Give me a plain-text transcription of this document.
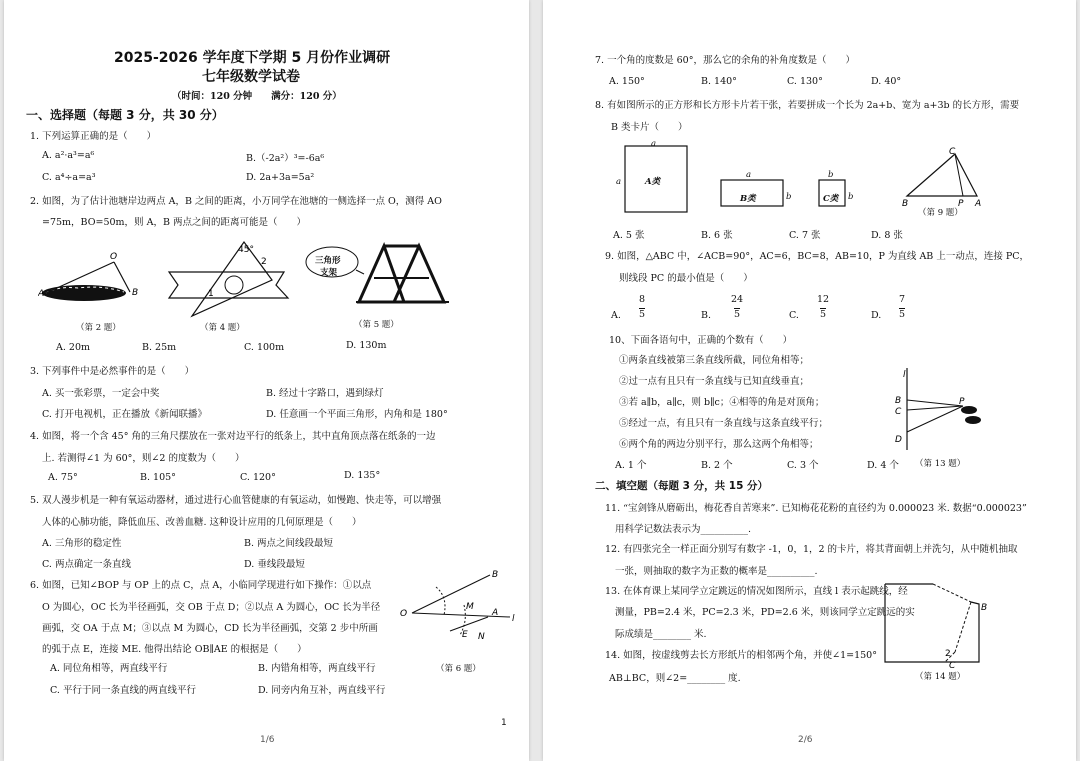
2025-2026 学年度下学期 5 月份作业调研
七年级数学试卷
（时间：120 分钟　　满分：120 分）
一、选择题（每题 3 分，共 30 分）
1. 下列运算正确的是（　　）
A. a²·a³=a⁶	B.（-2a²）³=-6a⁶
C. a⁴÷a=a³	D. 2a+3a=5a²
2. 如图，为了估计池塘岸边两点 A，B 之间的距离，小万同学在池塘的一侧选择一点 O，测得 AO
=75m，BO=50m，则 A，B 两点之间的距离可能是（　　）
O
A	B
（第 2 题）
45°
2
1
（第 4 题）
三角形
支架
（第 5 题）
A. 20m	B. 25m	C. 100m	D. 130m
3. 下列事件中是必然事件的是（　　）
A. 买一张彩票，一定会中奖	B. 经过十字路口，遇到绿灯
C. 打开电视机，正在播放《新闻联播》	D. 任意画一个平面三角形，内角和是 180°
4. 如图，将一个含 45° 角的三角尺摆放在一张对边平行的纸条上，其中直角顶点落在纸条的一边
上. 若测得∠1 为 60°，则∠2 的度数为（　　）
A. 75°	B. 105°	C. 120°	D. 135°
5. 双人漫步机是一种有氧运动器材，通过进行心血管健康的有氧运动，如慢跑、快走等，可以增强
人体的心肺功能，降低血压、改善血糖. 这种设计应用的几何原理是（　　）
A. 三角形的稳定性	B. 两点之间线段最短
C. 两点确定一条直线	D. 垂线段最短
6. 如图，已知∠BOP 与 OP 上的点 C，点 A，小临同学现进行如下操作：①以点
O 为圆心，OC 长为半径画弧，交 OB 于点 D；②以点 A 为圆心，OC 长为半径
画弧，交 OA 于点 M；③以点 M 为圆心，CD 长为半径画弧，交第 2 步中所画
的弧于点 E，连接 ME. 他得出结论 OB∥AE 的根据是（　　）
O
B
M
A
l
E N
（第 6 题）
A. 同位角相等，两直线平行	B. 内错角相等，两直线平行
C. 平行于同一条直线的两直线平行	D. 同旁内角互补，两直线平行
1
1/6
7. 一个角的度数是 60°，那么它的余角的补角度数是（　　）
A. 150°	B. 140°	C. 130°	D. 40°
8. 有如图所示的正方形和长方形卡片若干张，若要拼成一个长为 2a+b、宽为 a+3b 的长方形，需要
B 类卡片（　　）
a
a	A类
a
B类	b
b
C类 b
C
B	P A
（第 9 题）
A. 5 张	B. 6 张	C. 7 张	D. 8 张
9. 如图，△ABC 中，∠ACB=90°，AC=6，BC=8，AB=10，P 为直线 AB 上一动点，连接 PC，
则线段 PC 的最小值是（　　）
A.
8
5	B.
24
5	C.
12
5	D.
7
5
10、下面各语句中，正确的个数有（　　）
①两条直线被第三条直线所截，同位角相等；
②过一点有且只有一条直线与已知直线垂直；
③若 a∥b，a∥c，则 b∥c；④相等的角是对顶角；
⑤经过一点，有且只有一条直线与这条直线平行；
⑥两个角的两边分别平行，那么这两个角相等；
l
B
C
D
P
A. 1 个	B. 2 个	C. 3 个	D. 4 个 （第 13 题）
二、填空题（每题 3 分，共 15 分）
11. “宝剑锋从磨砺出，梅花香自苦寒来”. 已知梅花花粉的直径约为 0.000023 米. 数据“0.000023”
用科学记数法表示为__________.
12. 有四张完全一样正面分别写有数字 -1，0，1，2 的卡片，将其背面朝上并洗匀，从中随机抽取
一张，则抽取的数字为正数的概率是__________.
13. 在体育课上某同学立定跳远的情况如图所示，直线 l 表示起跳线，经
测量，PB=2.4 米，PC=2.3 米，PD=2.6 米，则该同学立定跳远的实
际成绩是________ 米.
B
2
C
14. 如图，按虚线剪去长方形纸片的相邻两个角，并使∠1=150°
AB⊥BC，则∠2=________ 度.	（第 14 题）
2/6
